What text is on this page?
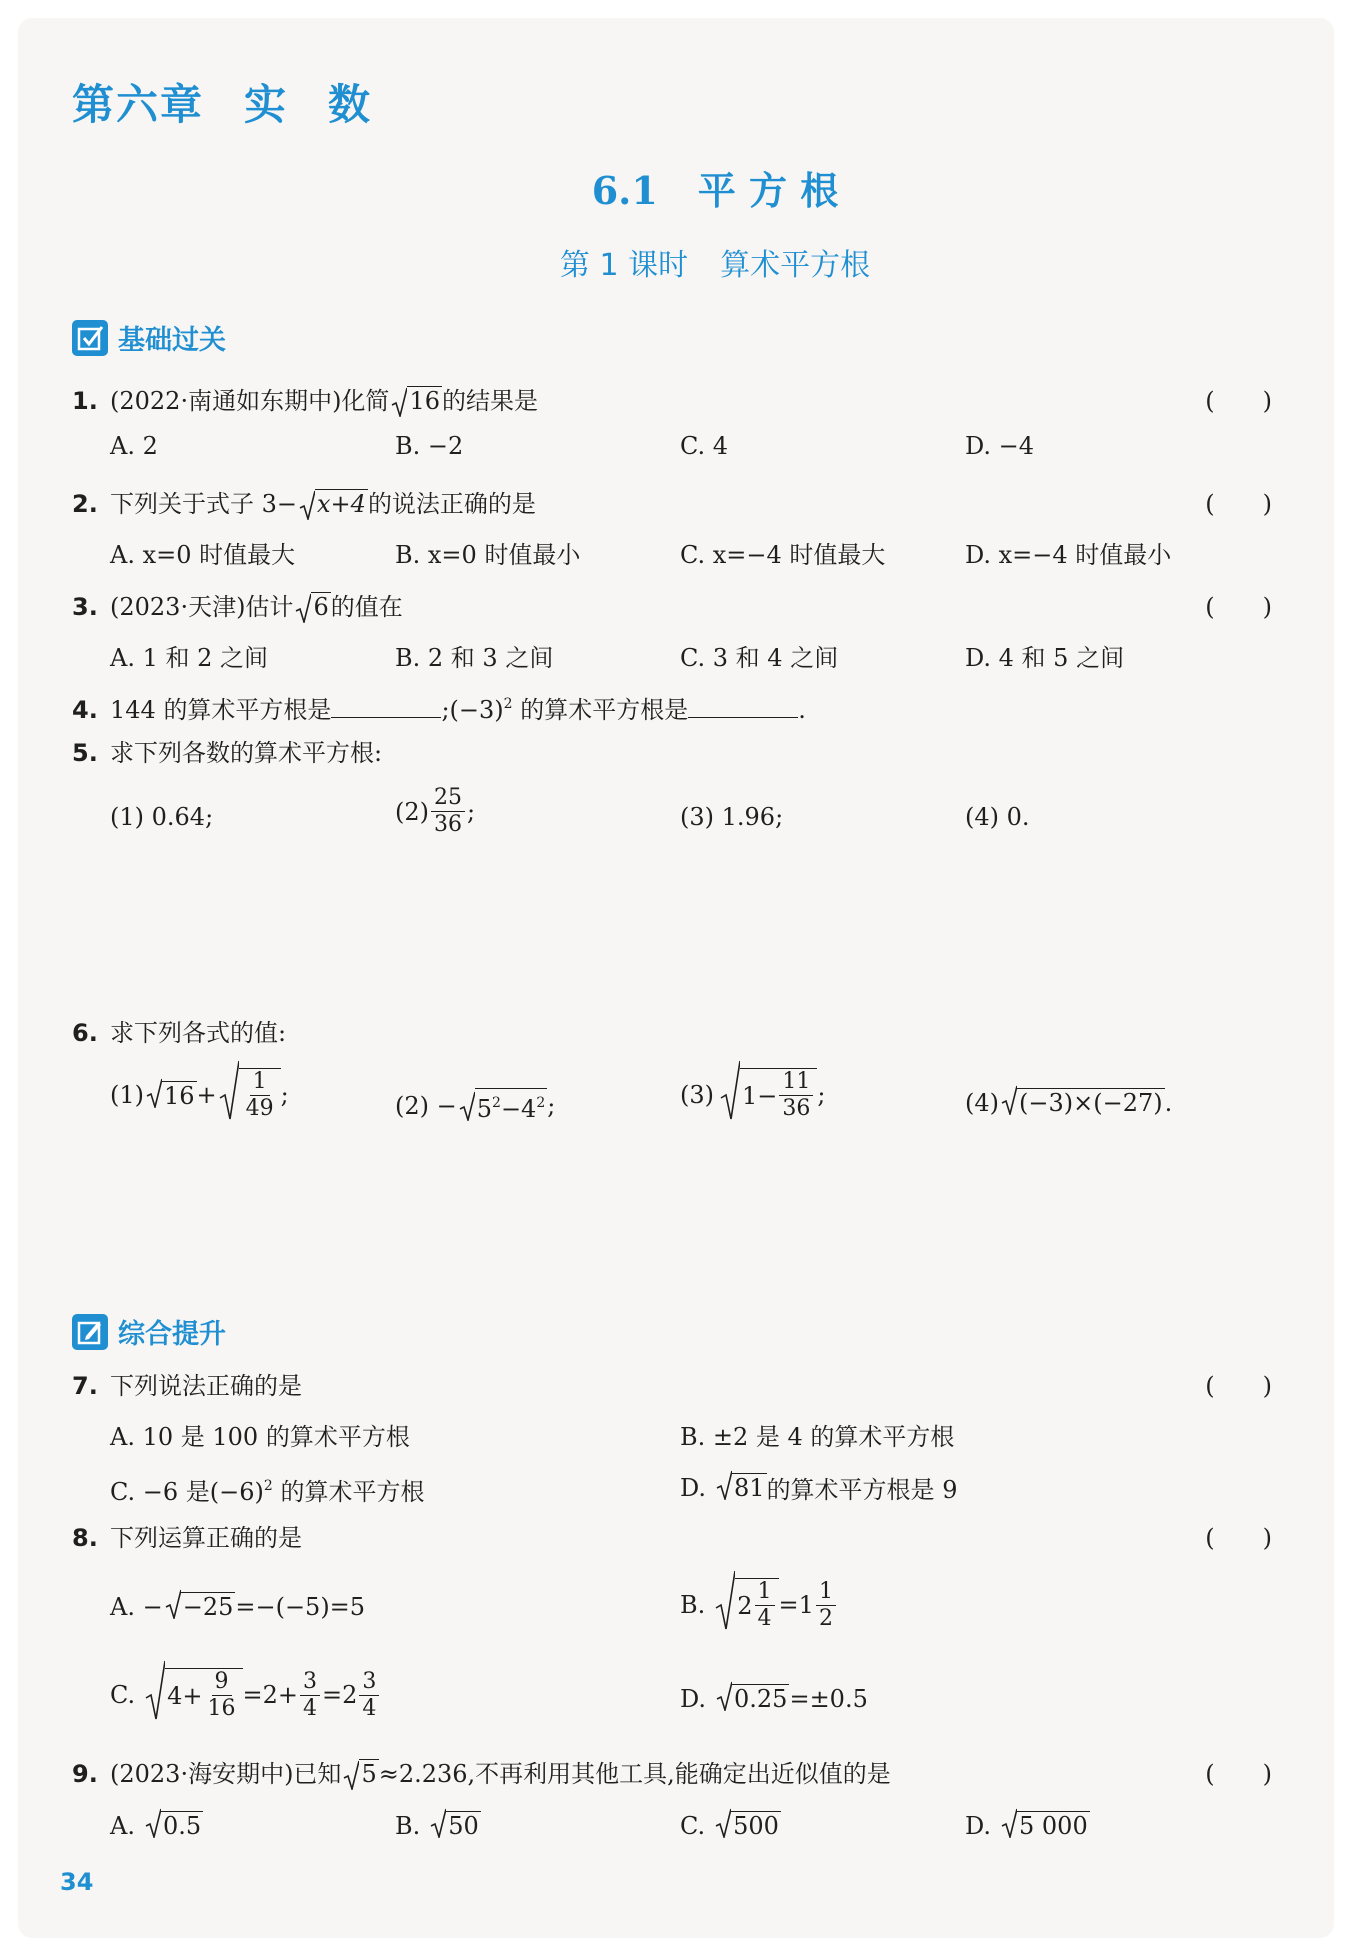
第六章 实 数
6.1 平 方 根
第 1 课时 算术平方根
基础过关
1. (2022·南通如东期中)化简 16的结果是	( )
A. 2	B. −2	C. 4	D. −4
2. 下列关于式子 3− x+4的说法正确的是	( )
A. x=0 时值最大	B. x=0 时值最小	C. x=−4 时值最大	D. x=−4 时值最小
3. (2023·天津)估计 6的值在	( )
A. 1 和 2 之间	B. 2 和 3 之间	C. 3 和 4 之间	D. 4 和 5 之间
4. 144 的算术平方根是	$;(-3)^2$ 的算术平方根是	.
5. 求下列各数的算术平方根:
(1) 0.64;	$(2) \frac{25}{36}$ ;	(3) 1.96;	(4) 0.
6. 求下列各式的值:
(1) $16 + \frac{1}{49}$ ;	$(2) - 5^2-4^2$ ;	(3) $1- \frac{11}{36}$ ;	(4) (−3)×(−27) .
综合提升
7. 下列说法正确的是	( )
A. 10 是 100 的算术平方根	B. ±2 是 4 的算术平方根
C. −6 是$(-6)^2$ 的算术平方根	D.	81 的算术平方根是 9
8. 下列运算正确的是	( )
A. − −25 =−(−5)=5	B. $2 \frac{1}{4} =1 \frac{1}{2}$
C. $4+ \frac{9}{16} =2+ \frac{3}{4} =2 \frac{3}{4}$	D.	0.25 =±0.5
9. (2023·海安期中)已知 5≈2.236,不再利用其他工具,能确定出近似值的是	( )
A.	0.5	B.	50	C.	500	D.	5 000
34
